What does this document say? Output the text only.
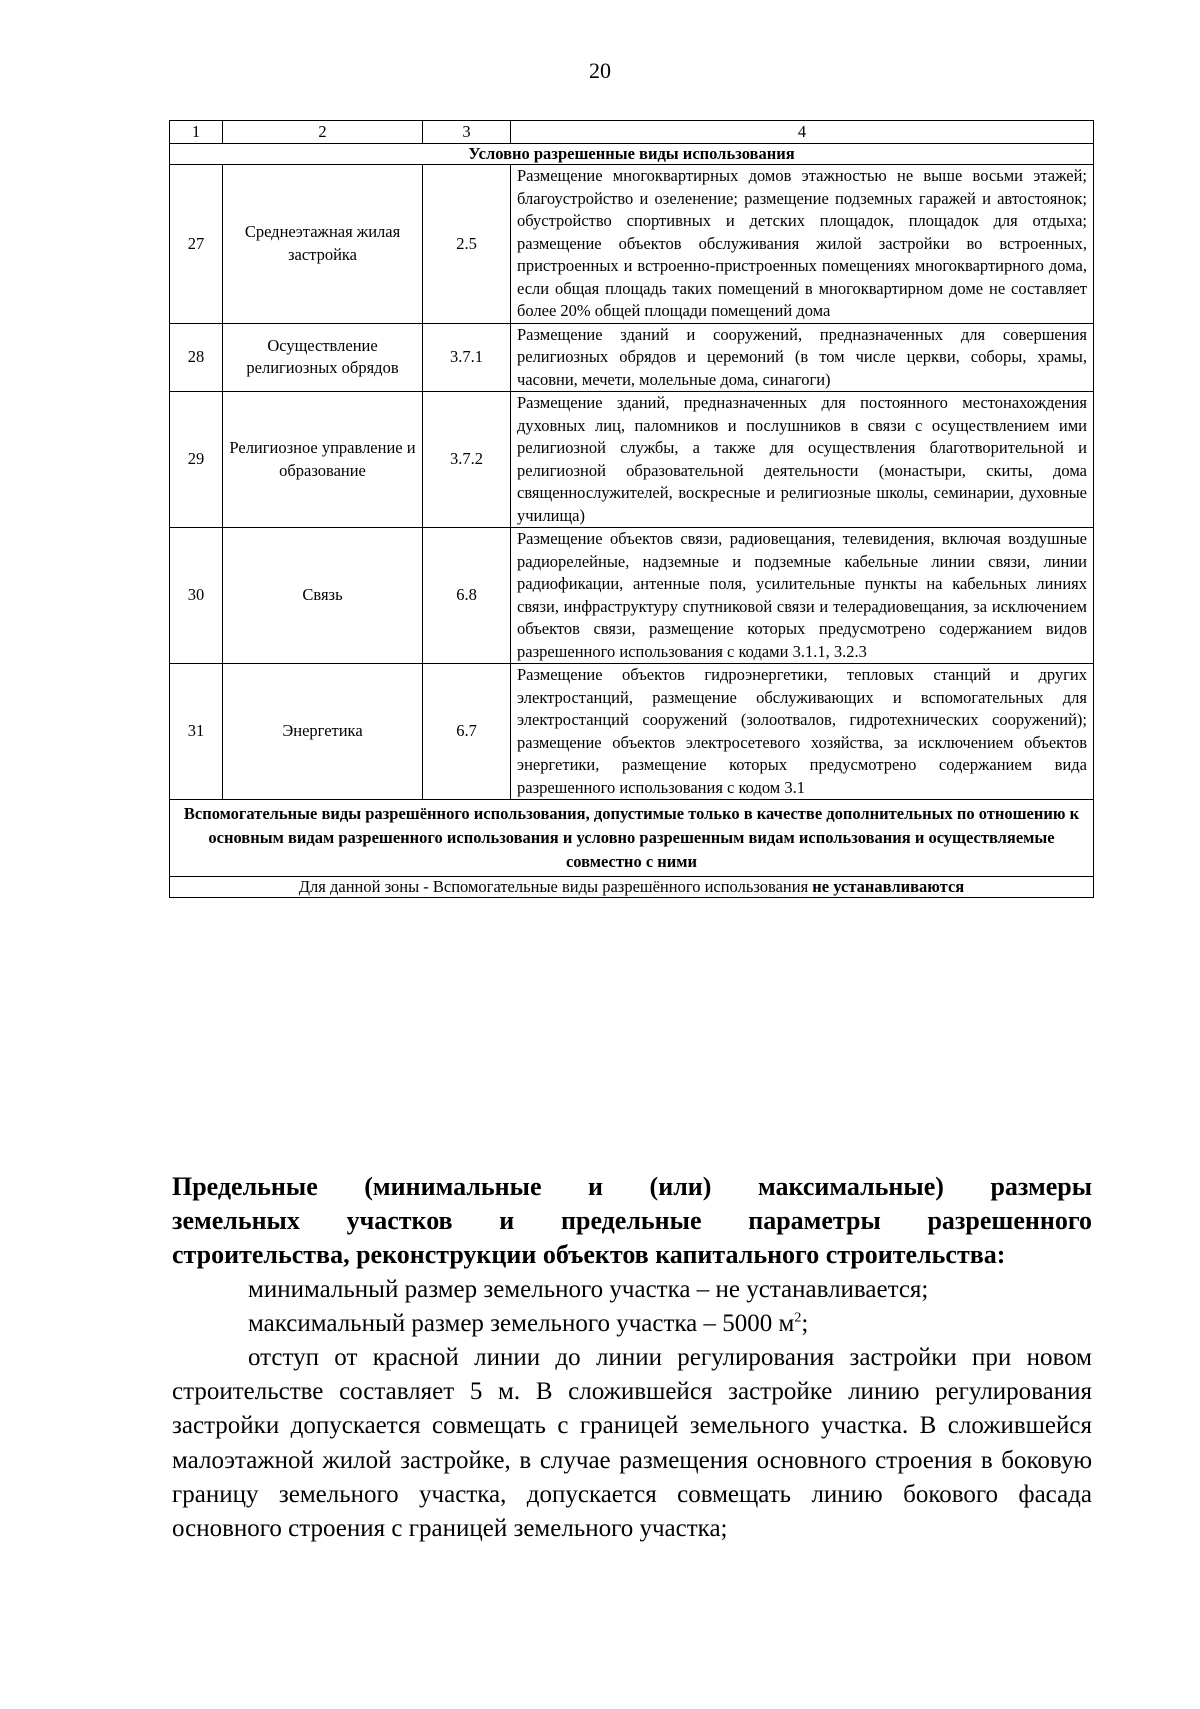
20
1	2	3	4
Условно разрешенные виды использования			
27	Среднеэтажная жилая застройка	2.5	Размещение многоквартирных домов этажностью не выше восьми этажей; благоустройство и озеленение; размещение подземных гаражей и автостоянок; обустройство спортивных и детских площадок, площадок для отдыха; размещение объектов обслуживания жилой застройки во встроенных, пристроенных и встроенно-пристроенных помещениях многоквартирного дома, если общая площадь таких помещений в многоквартирном доме не составляет более 20% общей площади помещений дома
28	Осуществление религиозных обрядов	3.7.1	Размещение зданий и сооружений, предназначенных для совершения религиозных обрядов и церемоний (в том числе церкви, соборы, храмы, часовни, мечети, молельные дома, синагоги)
29	Религиозное управление и образование	3.7.2	Размещение зданий, предназначенных для постоянного местонахождения духовных лиц, паломников и послушников в связи с осуществлением ими религиозной службы, а также для осуществления благотворительной и религиозной образовательной деятельности (монастыри, скиты, дома священнослужителей, воскресные и религиозные школы, семинарии, духовные училища)
30	Связь	6.8	Размещение объектов связи, радиовещания, телевидения, включая воздушные радиорелейные, надземные и подземные кабельные линии связи, линии радиофикации, антенные поля, усилительные пункты на кабельных линиях связи, инфраструктуру спутниковой связи и телерадиовещания, за исключением объектов связи, размещение которых предусмотрено содержанием видов разрешенного использования с кодами 3.1.1, 3.2.3
31	Энергетика	6.7	Размещение объектов гидроэнергетики, тепловых станций и других электростанций, размещение обслуживающих и вспомогательных для электростанций сооружений (золоотвалов, гидротехнических сооружений); размещение объектов электросетевого хозяйства, за исключением объектов энергетики, размещение которых предусмотрено содержанием вида разрешенного использования с кодом 3.1
Вспомогательные виды разрешённого использования, допустимые только в качестве дополнительных по отношению к основным видам разрешенного использования и условно разрешенным видам использования и осуществляемые совместно с ними			
Для данной зоны - Вспомогательные виды разрешённого использования не устанавливаются			

Предельные (минимальные и (или) максимальные) размеры

земельных участков и предельные параметры разрешенного

строительства, реконструкции объектов капитального строительства:

минимальный размер земельного участка – не устанавливается;

максимальный размер земельного участка – 5000 $м^2$;

отступ от красной линии до линии регулирования застройки при новом строительстве составляет 5 м. В сложившейся застройке линию регулирования застройки допускается совмещать с границей земельного участка. В сложившейся малоэтажной жилой застройке, в случае размещения основного строения в боковую границу земельного участка, допускается совмещать линию бокового фасада основного строения с границей земельного участка;
